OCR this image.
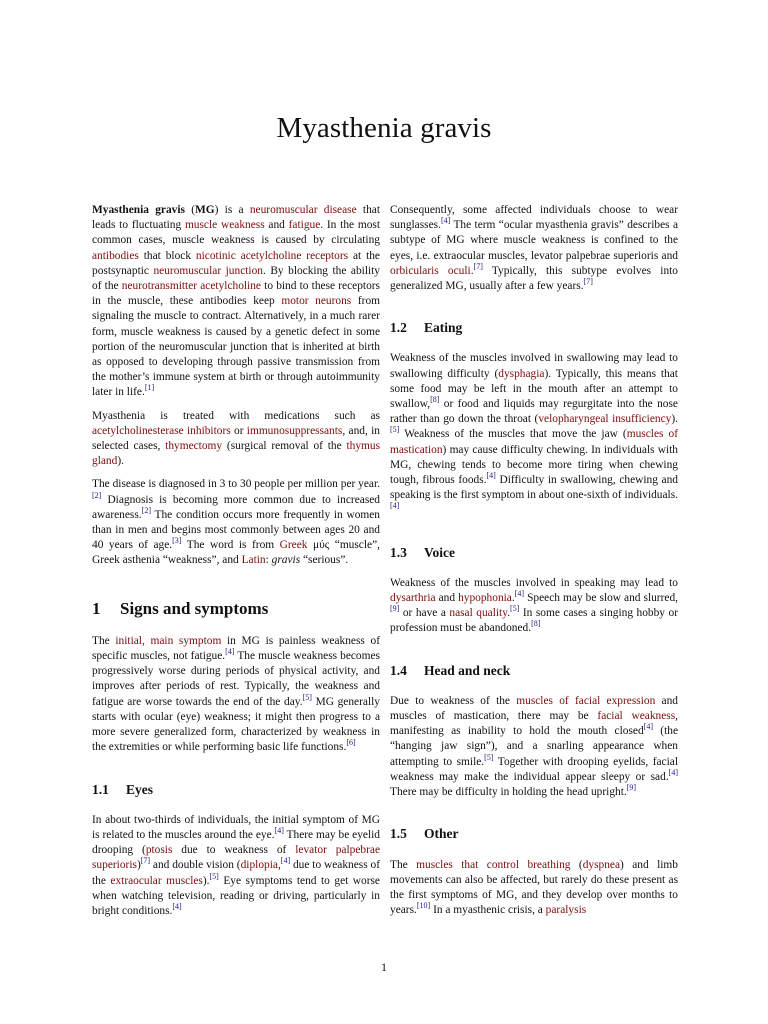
Myasthenia gravis

Myasthenia gravis (MG) is a neuromuscular disease that leads to fluctuating muscle weakness and fatigue. In the most common cases, muscle weakness is caused by circulating antibodies that block nicotinic acetylcholine receptors at the postsynaptic neuromuscular junction. By blocking the ability of the neurotransmitter acetylcholine to bind to these receptors in the muscle, these antibodies keep motor neurons from signaling the muscle to contract. Alternatively, in a much rarer form, muscle weakness is caused by a genetic defect in some portion of the neuromuscular junction that is inherited at birth as opposed to developing through passive transmission from the mother’s immune system at birth or through autoimmunity later in life.[1]

Myasthenia is treated with medications such as acetylcholinesterase inhibitors or immunosuppressants, and, in selected cases, thymectomy (surgical removal of the thymus gland).

The disease is diagnosed in 3 to 30 people per million per year.[2] Diagnosis is becoming more common due to increased awareness.[2] The condition occurs more frequently in women than in men and begins most commonly between ages 20 and 40 years of age.[3] The word is from Greek μύς “muscle”, Greek asthenia “weakness”, and Latin: gravis “serious”.

1 Signs and symptoms

The initial, main symptom in MG is painless weakness of specific muscles, not fatigue.[4] The muscle weakness becomes progressively worse during periods of physical activity, and improves after periods of rest. Typically, the weakness and fatigue are worse towards the end of the day.[5] MG generally starts with ocular (eye) weakness; it might then progress to a more severe generalized form, characterized by weakness in the extremities or while performing basic life functions.[6]

1.1 Eyes

In about two-thirds of individuals, the initial symptom of MG is related to the muscles around the eye.[4] There may be eyelid drooping (ptosis due to weakness of levator palpebrae superioris)[7] and double vision (diplopia,[4] due to weakness of the extraocular muscles).[5] Eye symptoms tend to get worse when watching television, reading or driving, particularly in bright conditions.[4]

Consequently, some affected individuals choose to wear sunglasses.[4] The term “ocular myasthenia gravis” describes a subtype of MG where muscle weakness is confined to the eyes, i.e. extraocular muscles, levator palpebrae superioris and orbicularis oculi.[7] Typically, this subtype evolves into generalized MG, usually after a few years.[7]

1.2 Eating

Weakness of the muscles involved in swallowing may lead to swallowing difficulty (dysphagia). Typically, this means that some food may be left in the mouth after an attempt to swallow,[8] or food and liquids may regurgitate into the nose rather than go down the throat (velopharyngeal insufficiency).[5] Weakness of the muscles that move the jaw (muscles of mastication) may cause difficulty chewing. In individuals with MG, chewing tends to become more tiring when chewing tough, fibrous foods.[4] Difficulty in swallowing, chewing and speaking is the first symptom in about one-sixth of individuals.[4]

1.3 Voice

Weakness of the muscles involved in speaking may lead to dysarthria and hypophonia.[4] Speech may be slow and slurred,[9] or have a nasal quality.[5] In some cases a singing hobby or profession must be abandoned.[8]

1.4 Head and neck

Due to weakness of the muscles of facial expression and muscles of mastication, there may be facial weakness, manifesting as inability to hold the mouth closed[4] (the “hanging jaw sign”), and a snarling appearance when attempting to smile.[5] Together with drooping eyelids, facial weakness may make the individual appear sleepy or sad.[4] There may be difficulty in holding the head upright.[9]

1.5 Other

The muscles that control breathing (dyspnea) and limb movements can also be affected, but rarely do these present as the first symptoms of MG, and they develop over months to years.[10] In a myasthenic crisis, a paralysis

1
